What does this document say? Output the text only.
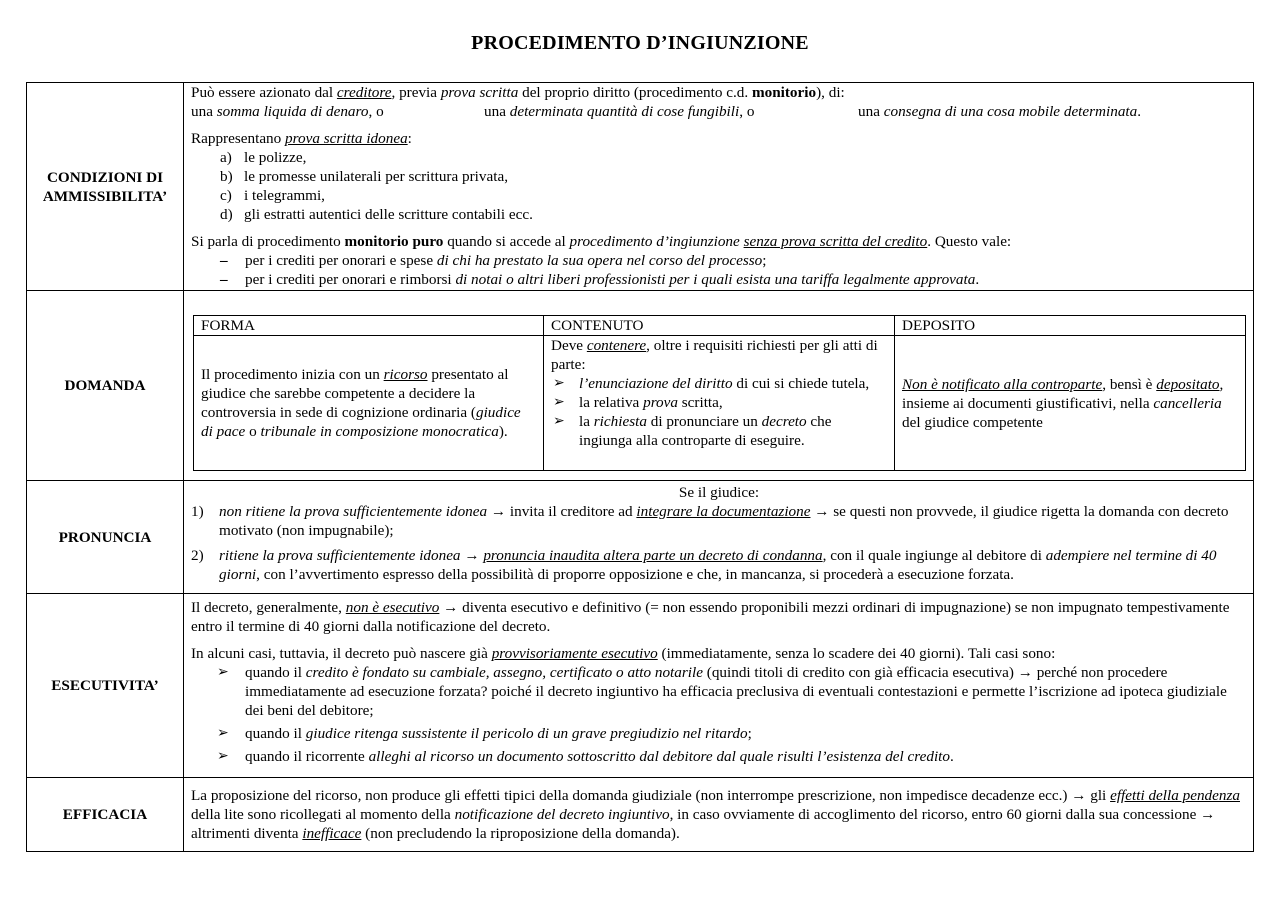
PROCEDIMENTO D’INGIUNZIONE
CONDIZIONI DI
AMMISSIBILITA’	

Può essere azionato dal creditore, previa prova scritta del proprio diritto (procedimento c.d. monitorio), di:

una somma liquida di denaro, o	una determinata quantità di cose fungibili, o	una consegna di una cosa mobile determinata.

Rappresentano prova scritta idonea:

a) le polizze,
b) le promesse unilaterali per scrittura privata,
c) i telegrammi,
d) gli estratti autentici delle scritture contabili ecc.

Si parla di procedimento monitorio puro quando si accede al procedimento d’ingiunzione senza prova scritta del credito. Questo vale:

– per i crediti per onorari e spese di chi ha prestato la sua opera nel corso del processo;
– per i crediti per onorari e rimborsi di notai o altri liberi professionisti per i quali esista una tariffa legalmente approvata.

DOMANDA	
FORMA	CONTENUTO	DEPOSITO
Il procedimento inizia con un ricorso presentato al giudice che sarebbe competente a decidere la controversia in sede di cognizione ordinaria (giudice di pace o tribunale in composizione monocratica).	Deve contenere, oltre i requisiti richiesti per gli atti di parte:
➢ l’enunciazione del diritto di cui si chiede tutela,
➢ la relativa prova scritta,
➢ la richiesta di pronunciare un decreto che ingiunga alla controparte di eseguire.
	Non è notificato alla controparte, bensì è depositato, insieme ai documenti giustificativi, nella cancelleria del giudice competente

PRONUNCIA	
Se il giudice:
1) non ritiene la prova sufficientemente idonea → invita il creditore ad integrare la documentazione → se questi non provvede, il giudice rigetta la domanda con decreto motivato (non impugnabile);
2) ritiene la prova sufficientemente idonea → pronuncia inaudita altera parte un decreto di condanna, con il quale ingiunge al debitore di adempiere nel termine di 40 giorni, con l’avvertimento espresso della possibilità di proporre opposizione e che, in mancanza, si procederà a esecuzione forzata.

ESECUTIVITA’	

Il decreto, generalmente, non è esecutivo → diventa esecutivo e definitivo (= non essendo proponibili mezzi ordinari di impugnazione) se non impugnato tempestivamente entro il termine di 40 giorni dalla notificazione del decreto.

In alcuni casi, tuttavia, il decreto può nascere già provvisoriamente esecutivo (immediatamente, senza lo scadere dei 40 giorni). Tali casi sono:

➢ quando il credito è fondato su cambiale, assegno, certificato o atto notarile (quindi titoli di credito con già efficacia esecutiva) → perché non procedere immediatamente ad esecuzione forzata? poiché il decreto ingiuntivo ha efficacia preclusiva di eventuali contestazioni e permette l’iscrizione ad ipoteca giudiziale dei beni del debitore;
➢ quando il giudice ritenga sussistente il pericolo di un grave pregiudizio nel ritardo;
➢ quando il ricorrente alleghi al ricorso un documento sottoscritto dal debitore dal quale risulti l’esistenza del credito.

EFFICACIA	

La proposizione del ricorso, non produce gli effetti tipici della domanda giudiziale (non interrompe prescrizione, non impedisce decadenze ecc.) → gli effetti della pendenza della lite sono ricollegati al momento della notificazione del decreto ingiuntivo, in caso ovviamente di accoglimento del ricorso, entro 60 giorni dalla sua concessione → altrimenti diventa inefficace (non precludendo la riproposizione della domanda).
